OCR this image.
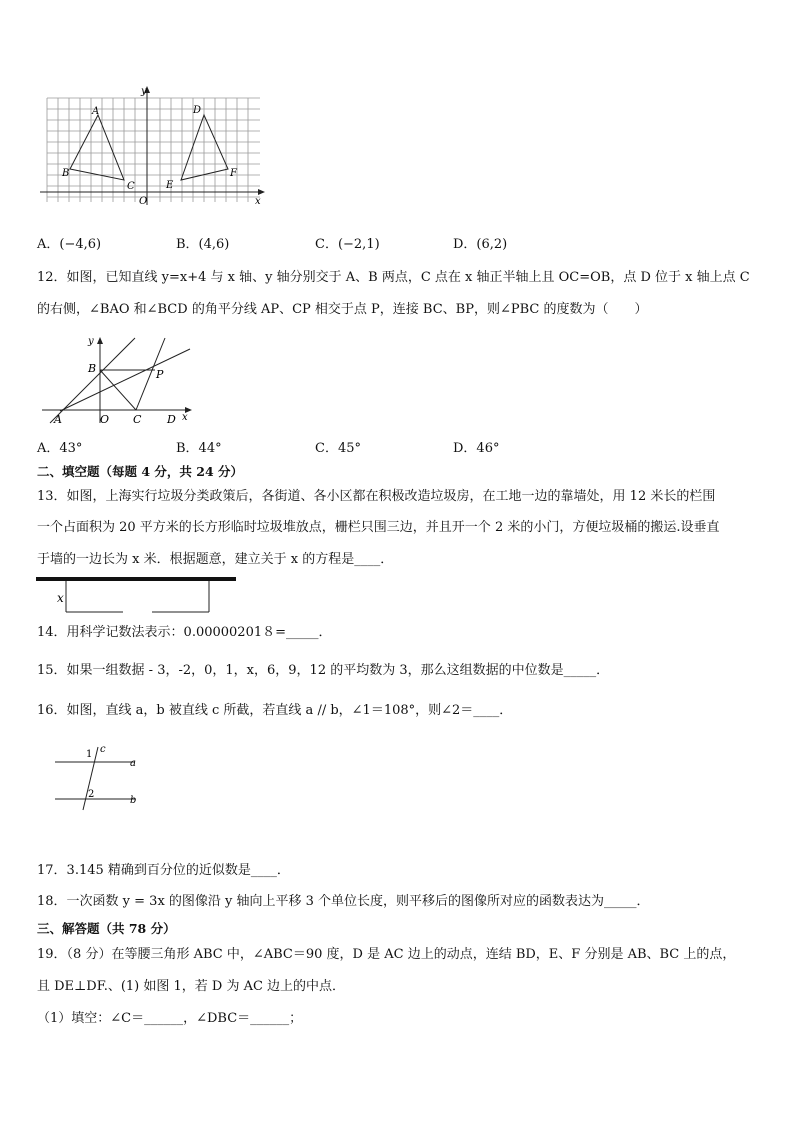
A
B
C
D
E
F
O
y
x
A．(−4,6)	B．(4,6)	C．(−2,1)	D．(6,2)
12．如图，已知直线 y=x+4 与 x 轴、y 轴分别交于 A、B 两点，C 点在 x 轴正半轴上且 OC=OB，点 D 位于 x 轴上点 C
的右侧，∠BAO 和∠BCD 的角平分线 AP、CP 相交于点 P，连接 BC、BP，则∠PBC 的度数为（　　）
y
B	P
A	O C D x
A．43°	B．44°	C．45°	D．46°
二、填空题（每题 4 分，共 24 分）
13．如图，上海实行垃圾分类政策后，各街道、各小区都在积极改造垃圾房，在工地一边的靠墙处，用 12 米长的栏围
一个占面积为 20 平方米的长方形临时垃圾堆放点，栅栏只围三边，并且开一个 2 米的小门，方便垃圾桶的搬运.设垂直
于墙的一边长为 x 米．根据题意，建立关于 x 的方程是____．
x
14．用科学记数法表示：0.00000201８=_____．
15．如果一组数据 - 3，-2，0，1，x，6，9，12 的平均数为 3，那么这组数据的中位数是_____．
16．如图，直线 a，b 被直线 c 所截，若直线 a // b，∠1＝108°，则∠2＝____．
1
2
c
a
b
17．3.145 精确到百分位的近似数是____．
18．一次函数 y = 3x 的图像沿 y 轴向上平移 3 个单位长度，则平移后的图像所对应的函数表达为_____．
三、解答题（共 78 分）
19．（8 分）在等腰三角形 ABC 中，∠ABC＝90 度，D 是 AC 边上的动点，连结 BD，E、F 分别是 AB、BC 上的点，
且 DE⊥DF.、(1) 如图 1，若 D 为 AC 边上的中点．
（1）填空：∠C＝______，∠DBC＝______；
